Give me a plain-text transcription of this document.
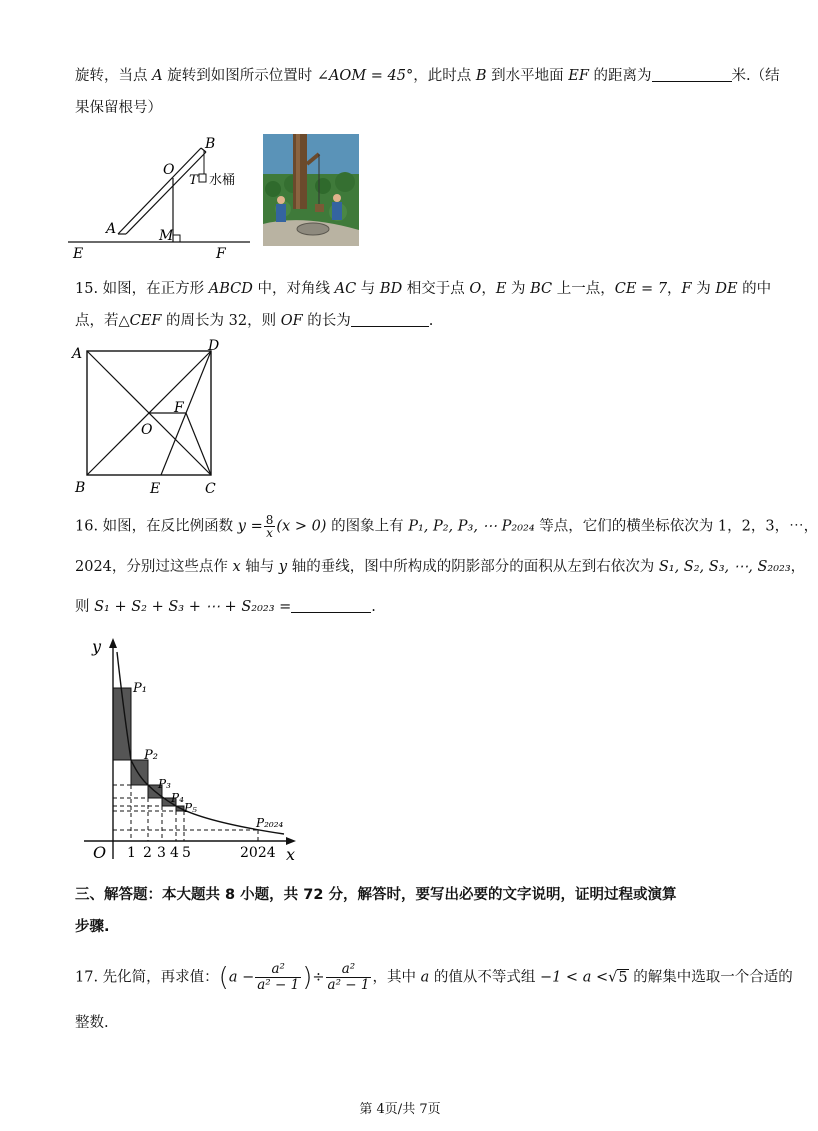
旋转，当点 A 旋转到如图所示位置时 ∠AOM = 45°，此时点 B 到水平地面 EF 的距离为	米.（结
果保留根号）
B
O
T 水桶
A	M
E	F
15. 如图，在正方形 ABCD 中，对角线 AC 与 BD 相交于点 O，E 为 BC 上一点，CE = 7，F 为 DE 的中
点，若△CEF 的周长为 32，则 OF 的长为	.
A	D
F
O
B	E	C
16. 如图，在反比例函数 $y = \frac{8}{x} (x > 0)$ 的图象上有 P₁, P₂, P₃, ⋯ P₂₀₂₄ 等点，它们的横坐标依次为 1，2，3，⋯，
2024，分别过这些点作 x 轴与 y 轴的垂线，图中所构成的阴影部分的面积从左到右依次为 S₁, S₂, S₃, ⋯, S₂₀₂₃，
则 S₁ + S₂ + S₃ + ⋯ + S₂₀₂₃ =	.
y
x
O
P₁
P₂
P₃
P₄
P₅
P₂₀₂₄
1 2 3 4 5	2024
三、解答题：本大题共 8 小题，共 72 分，解答时，要写出必要的文字说明，证明过程或演算
步骤.
17. 先化简，再求值：($a - \frac{\text{a²}}{\text{a² − 1}}$ )÷ $\frac{\text{a²}}{\text{a² − 1}}$ ，其中 a 的值从不等式组 −1 < a <√5 的解集中选取一个合适的
整数.
第 4页/共 7页
